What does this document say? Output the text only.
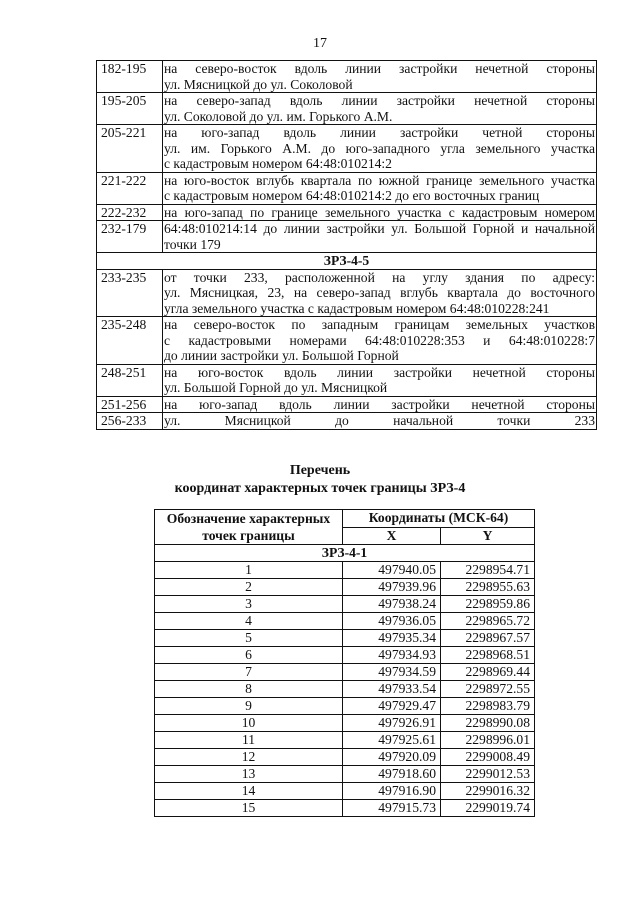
17
182-195	на северо-восток вдоль линии застройки нечетной стороны
ул. Мясницкой до ул. Соколовой

195-205	на северо-запад вдоль линии застройки нечетной стороны
ул. Соколовой до ул. им. Горького А.М.

205-221	на юго-запад вдоль линии застройки четной стороны
ул. им. Горького А.М. до юго-западного угла земельного участка
с кадастровым номером 64:48:010214:2

221-222	на юго-восток вглубь квартала по южной границе земельного участка
с кадастровым номером 64:48:010214:2 до его восточных границ

222-232	на юго-запад по границе земельного участка с кадастровым номером

232-179	64:48:010214:14 до линии застройки ул. Большой Горной и начальной
точки 179

ЗРЗ-4-5	
233-235	от точки 233, расположенной на углу здания по адресу:
ул. Мясницкая, 23, на северо-запад вглубь квартала до восточного
угла земельного участка с кадастровым номером 64:48:010228:241

235-248	на северо-восток по западным границам земельных участков
с кадастровыми номерами 64:48:010228:353 и 64:48:010228:7
до линии застройки ул. Большой Горной

248-251	на юго-восток вдоль линии застройки нечетной стороны
ул. Большой Горной до ул. Мясницкой

251-256	на юго-запад вдоль линии застройки нечетной стороны

256-233	ул. Мясницкой до начальной точки 233
Перечень
координат характерных точек границы ЗРЗ-4
Обозначение характерных
точек границы	Координаты (МСК-64)	
	X	Y
ЗРЗ-4-1		
1	497940.05	2298954.71
2	497939.96	2298955.63
3	497938.24	2298959.86
4	497936.05	2298965.72
5	497935.34	2298967.57
6	497934.93	2298968.51
7	497934.59	2298969.44
8	497933.54	2298972.55
9	497929.47	2298983.79
10	497926.91	2298990.08
11	497925.61	2298996.01
12	497920.09	2299008.49
13	497918.60	2299012.53
14	497916.90	2299016.32
15	497915.73	2299019.74
